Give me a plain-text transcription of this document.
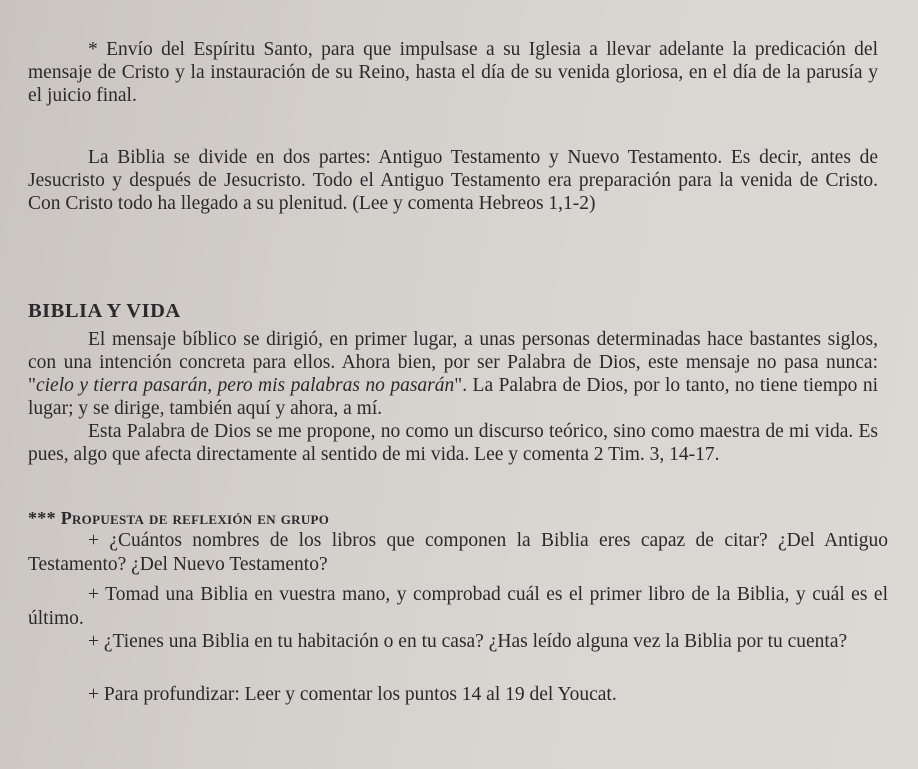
* Envío del Espíritu Santo, para que impulsase a su Iglesia a llevar adelante la predicación del mensaje de Cristo y la instauración de su Reino, hasta el día de su venida gloriosa, en el día de la parusía y el juicio final.

La Biblia se divide en dos partes: Antiguo Testamento y Nuevo Testamento. Es decir, antes de Jesucristo y después de Jesucristo. Todo el Antiguo Testamento era preparación para la venida de Cristo. Con Cristo todo ha llegado a su plenitud. (Lee y comenta Hebreos 1,1-2)

BIBLIA Y VIDA

El mensaje bíblico se dirigió, en primer lugar, a unas personas determinadas hace bastantes siglos, con una intención concreta para ellos. Ahora bien, por ser Palabra de Dios, este mensaje no pasa nunca: "cielo y tierra pasarán, pero mis palabras no pasarán". La Palabra de Dios, por lo tanto, no tiene tiempo ni lugar; y se dirige, también aquí y ahora, a mí.

Esta Palabra de Dios se me propone, no como un discurso teórico, sino como maestra de mi vida. Es pues, algo que afecta directamente al sentido de mi vida. Lee y comenta 2 Tim. 3, 14-17.

*** Propuesta de reflexión en grupo

+ ¿Cuántos nombres de los libros que componen la Biblia eres capaz de citar? ¿Del Antiguo Testamento? ¿Del Nuevo Testamento?

+ Tomad una Biblia en vuestra mano, y comprobad cuál es el primer libro de la Biblia, y cuál es el último.

+ ¿Tienes una Biblia en tu habitación o en tu casa? ¿Has leído alguna vez la Biblia por tu cuenta?

+ Para profundizar: Leer y comentar los puntos 14 al 19 del Youcat.
